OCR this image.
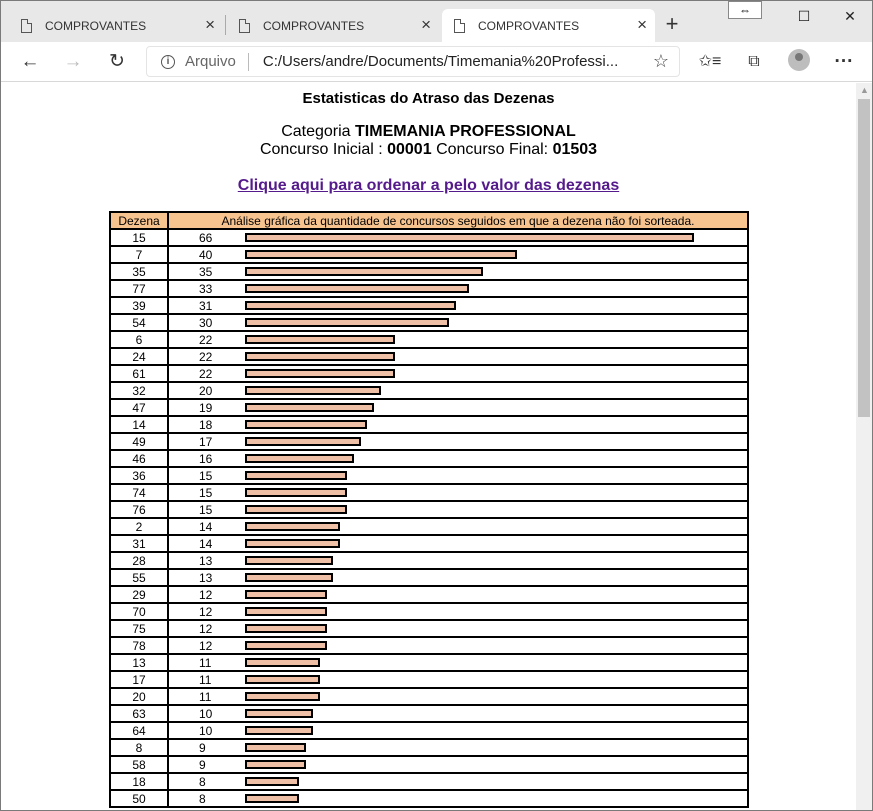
COMPROVANTES	×	COMPROVANTES	×	COMPROVANTES	× +
⇔	☐	✕
← → ↻	i	Arquivo C:/Users/andre/Documents/Timemania%20Professi...	☆ ✩≡	⧉	···
Estatisticas do Atraso das Dezenas
Categoria TIMEMANIA PROFESSIONAL
Concurso Inicial : 00001 Concurso Final: 01503
Clique aqui para ordenar a pelo valor das dezenas
Dezena	Análise gráfica da quantidade de concursos seguidos em que a dezena não foi sorteada.
15	66

7	40

35	35

77	33

39	31

54	30

6	22

24	22

61	22

32	20

47	19

14	18

49	17

46	16

36	15

74	15

76	15

2	14

31	14

28	13

55	13

29	12

70	12

75	12

78	12

13	11

17	11

20	11

63	10

64	10

8	9

58	9

18	8

50	8
▲
